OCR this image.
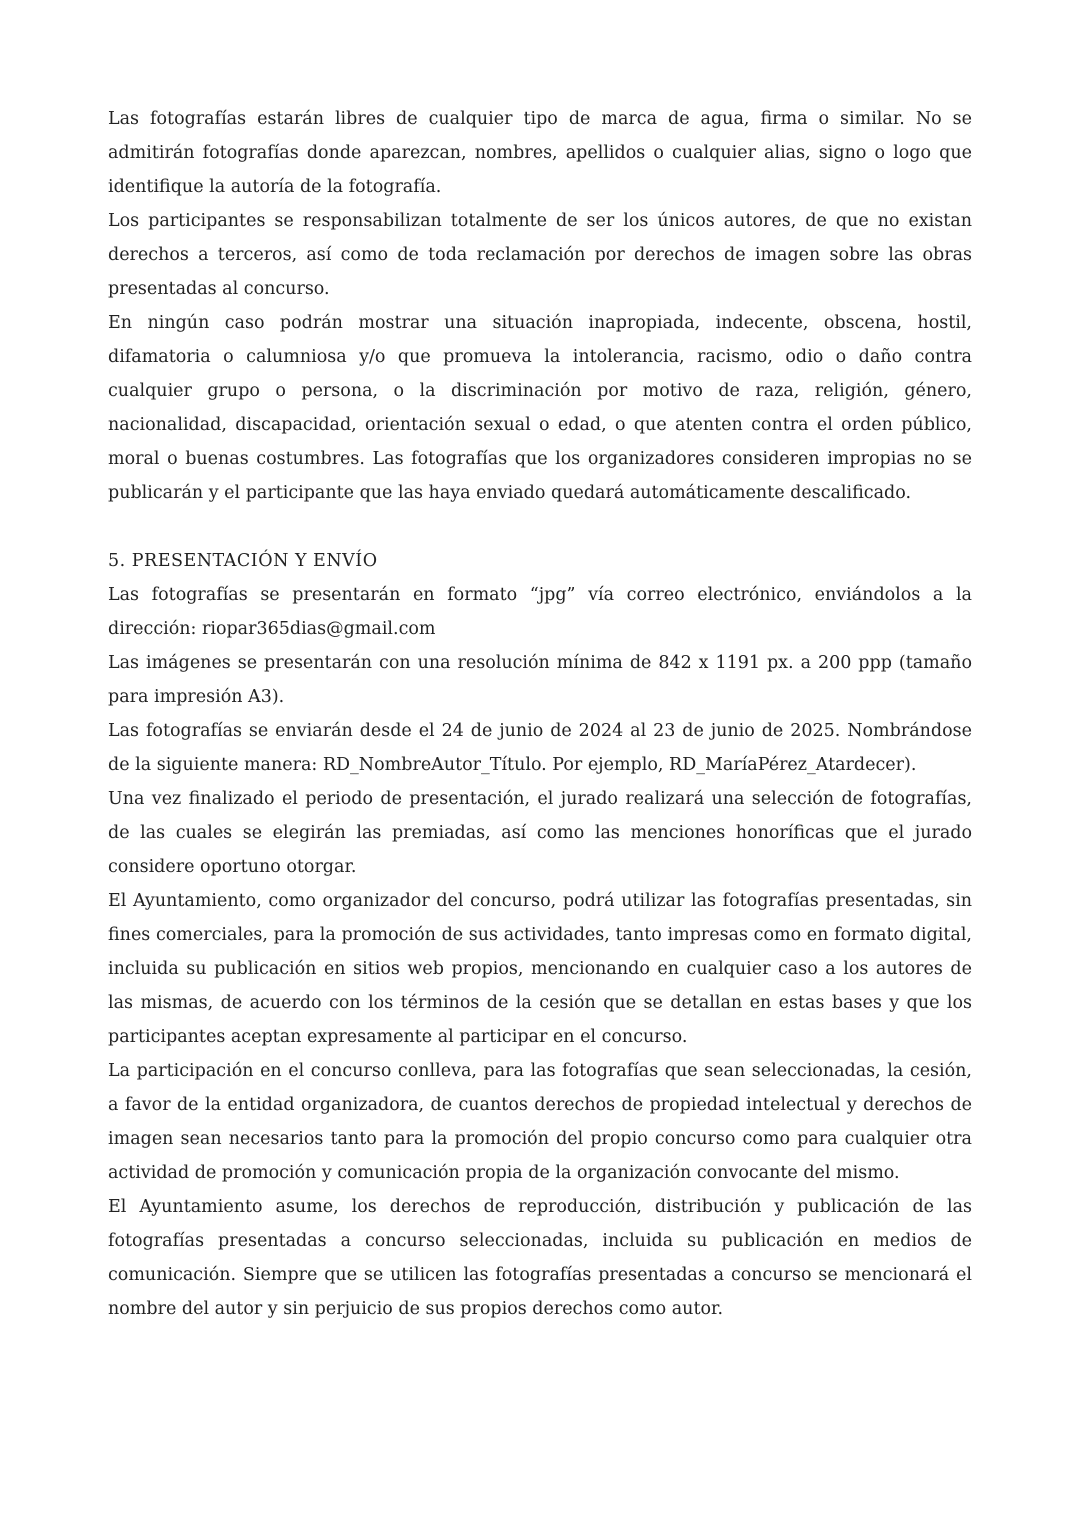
Las fotografías estarán libres de cualquier tipo de marca de agua, firma o similar. No se admitirán fotografías donde aparezcan, nombres, apellidos o cualquier alias, signo o logo que identifique la autoría de la fotografía.

Los participantes se responsabilizan totalmente de ser los únicos autores, de que no existan derechos a terceros, así como de toda reclamación por derechos de imagen sobre las obras presentadas al concurso.

En ningún caso podrán mostrar una situación inapropiada, indecente, obscena, hostil, difamatoria o calumniosa y/o que promueva la intolerancia, racismo, odio o daño contra cualquier grupo o persona, o la discriminación por motivo de raza, religión, género, nacionalidad, discapacidad, orientación sexual o edad, o que atenten contra el orden público, moral o buenas costumbres. Las fotografías que los organizadores consideren impropias no se publicarán y el participante que las haya enviado quedará automáticamente descalificado.

5. PRESENTACIÓN Y ENVÍO

Las fotografías se presentarán en formato “jpg” vía correo electrónico, enviándolos a la dirección: riopar365dias@gmail.com

Las imágenes se presentarán con una resolución mínima de 842 x 1191 px. a 200 ppp (tamaño para impresión A3).

Las fotografías se enviarán desde el 24 de junio de 2024 al 23 de junio de 2025. Nombrándose de la siguiente manera: RD_NombreAutor_Título. Por ejemplo, RD_MaríaPérez_Atardecer).

Una vez finalizado el periodo de presentación, el jurado realizará una selección de fotografías, de las cuales se elegirán las premiadas, así como las menciones honoríficas que el jurado considere oportuno otorgar.

El Ayuntamiento, como organizador del concurso, podrá utilizar las fotografías presentadas, sin fines comerciales, para la promoción de sus actividades, tanto impresas como en formato digital, incluida su publicación en sitios web propios, mencionando en cualquier caso a los autores de las mismas, de acuerdo con los términos de la cesión que se detallan en estas bases y que los participantes aceptan expresamente al participar en el concurso.

La participación en el concurso conlleva, para las fotografías que sean seleccionadas, la cesión, a favor de la entidad organizadora, de cuantos derechos de propiedad intelectual y derechos de imagen sean necesarios tanto para la promoción del propio concurso como para cualquier otra actividad de promoción y comunicación propia de la organización convocante del mismo.

El Ayuntamiento asume, los derechos de reproducción, distribución y publicación de las fotografías presentadas a concurso seleccionadas, incluida su publicación en medios de comunicación. Siempre que se utilicen las fotografías presentadas a concurso se mencionará el nombre del autor y sin perjuicio de sus propios derechos como autor.
